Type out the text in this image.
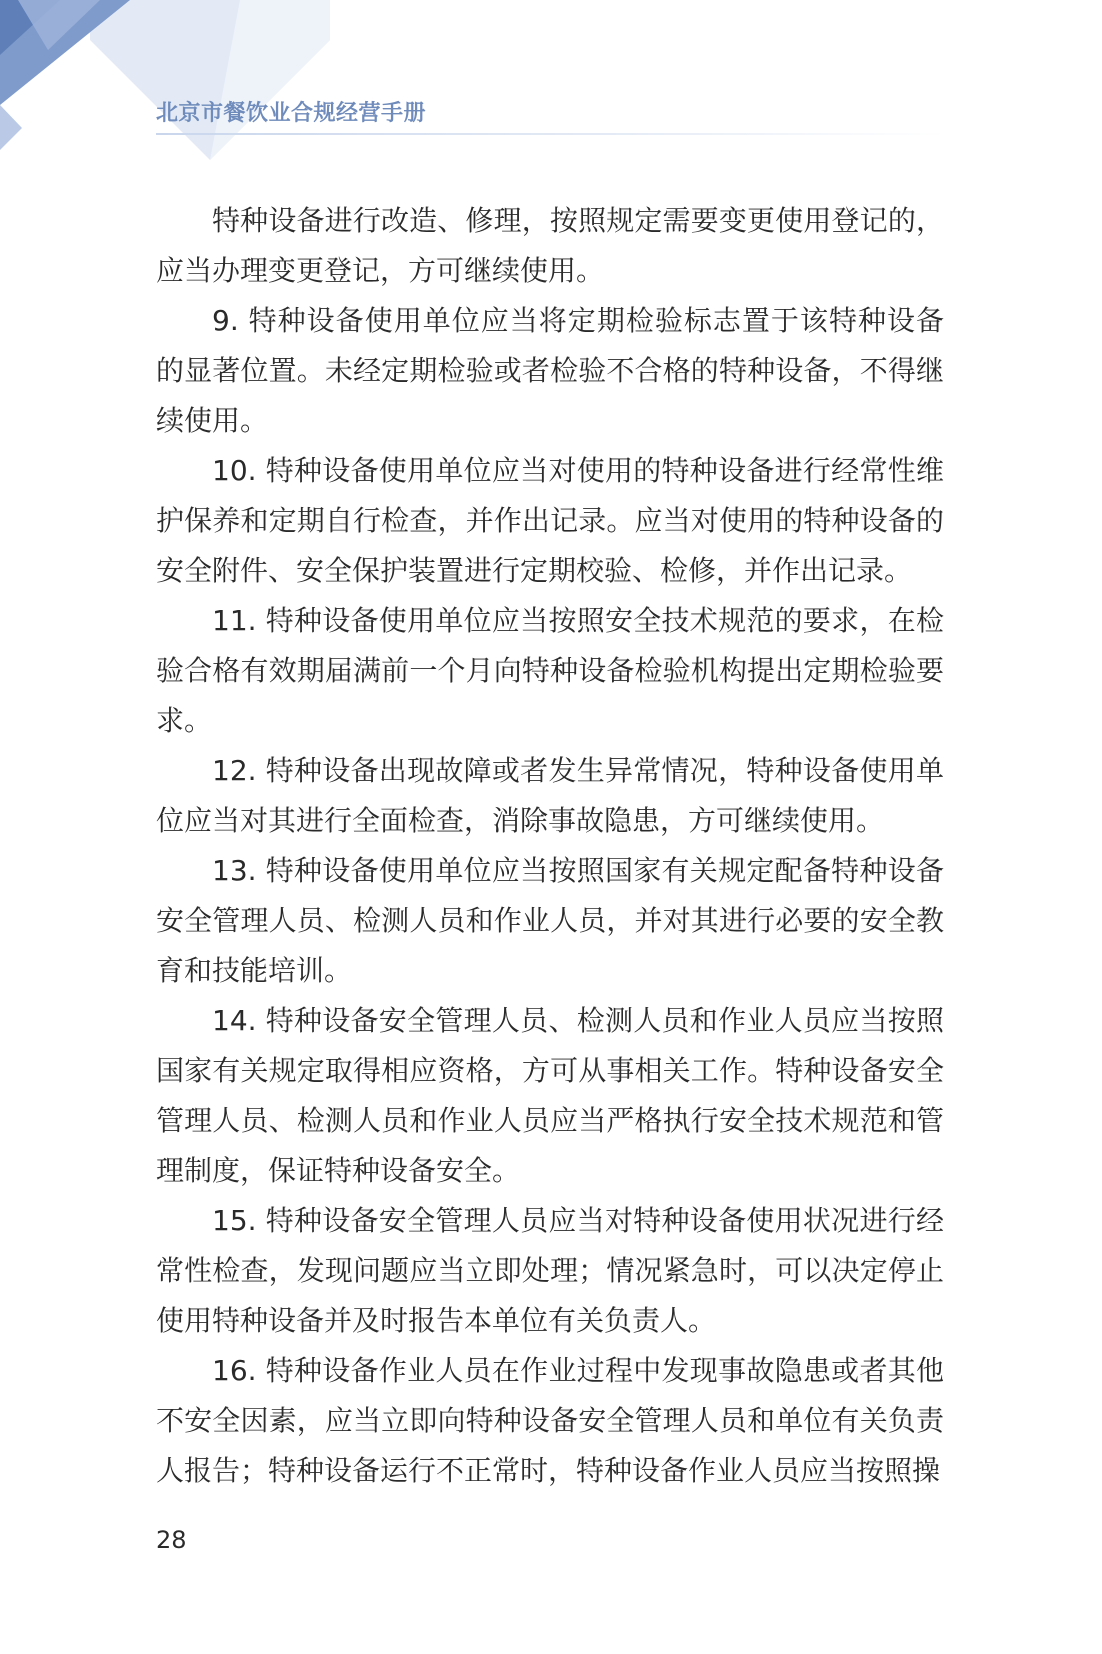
北京市餐饮业合规经营手册

特种设备进行改造、修理，按照规定需要变更使用登记的，应当办理变更登记，方可继续使用。

9. 特种设备使用单位应当将定期检验标志置于该特种设备的显著位置。未经定期检验或者检验不合格的特种设备，不得继续使用。

10. 特种设备使用单位应当对使用的特种设备进行经常性维护保养和定期自行检查，并作出记录。应当对使用的特种设备的安全附件、安全保护装置进行定期校验、检修，并作出记录。

11. 特种设备使用单位应当按照安全技术规范的要求，在检验合格有效期届满前一个月向特种设备检验机构提出定期检验要求。

12. 特种设备出现故障或者发生异常情况，特种设备使用单位应当对其进行全面检查，消除事故隐患，方可继续使用。

13. 特种设备使用单位应当按照国家有关规定配备特种设备安全管理人员、检测人员和作业人员，并对其进行必要的安全教育和技能培训。

14. 特种设备安全管理人员、检测人员和作业人员应当按照国家有关规定取得相应资格，方可从事相关工作。特种设备安全管理人员、检测人员和作业人员应当严格执行安全技术规范和管理制度，保证特种设备安全。

15. 特种设备安全管理人员应当对特种设备使用状况进行经常性检查，发现问题应当立即处理；情况紧急时，可以决定停止使用特种设备并及时报告本单位有关负责人。

16. 特种设备作业人员在作业过程中发现事故隐患或者其他不安全因素，应当立即向特种设备安全管理人员和单位有关负责人报告；特种设备运行不正常时，特种设备作业人员应当按照操

28
